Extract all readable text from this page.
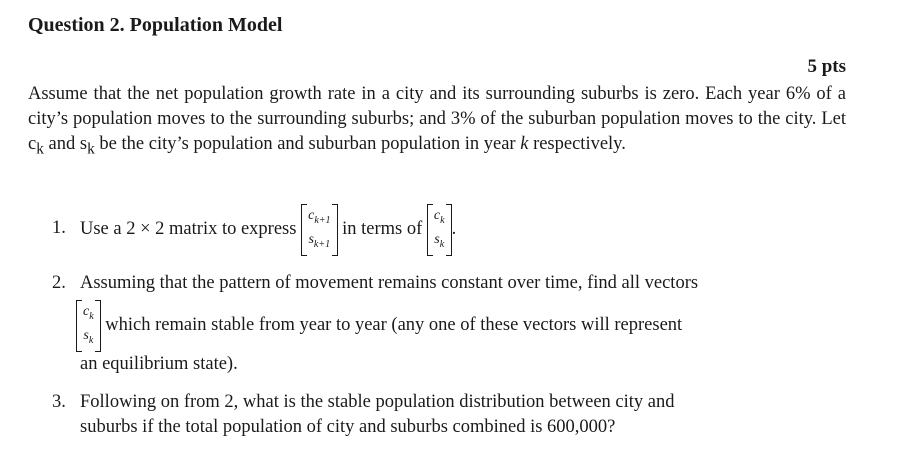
Question 2. Population Model
5 pts
Assume that the net population growth rate in a city and its surrounding suburbs is zero. Each year 6% of a city’s population moves to the surrounding suburbs; and 3% of the suburban population moves to the city. Let $c_k$ and $s_k$ be the city’s population and suburban population in year k respectively.
1. Use a 2 × 2 matrix to express
$c_{k+1}$
$s_{k+1}$
in terms of
$c_k$
$s_k$
.
2. Assuming that the pattern of movement remains constant over time, find all vectors
$c_k$
$s_k$
which remain stable from year to year (any one of these vectors will represent
an equilibrium state).
3. Following on from 2, what is the stable population distribution between city and
suburbs if the total population of city and suburbs combined is 600,000?
